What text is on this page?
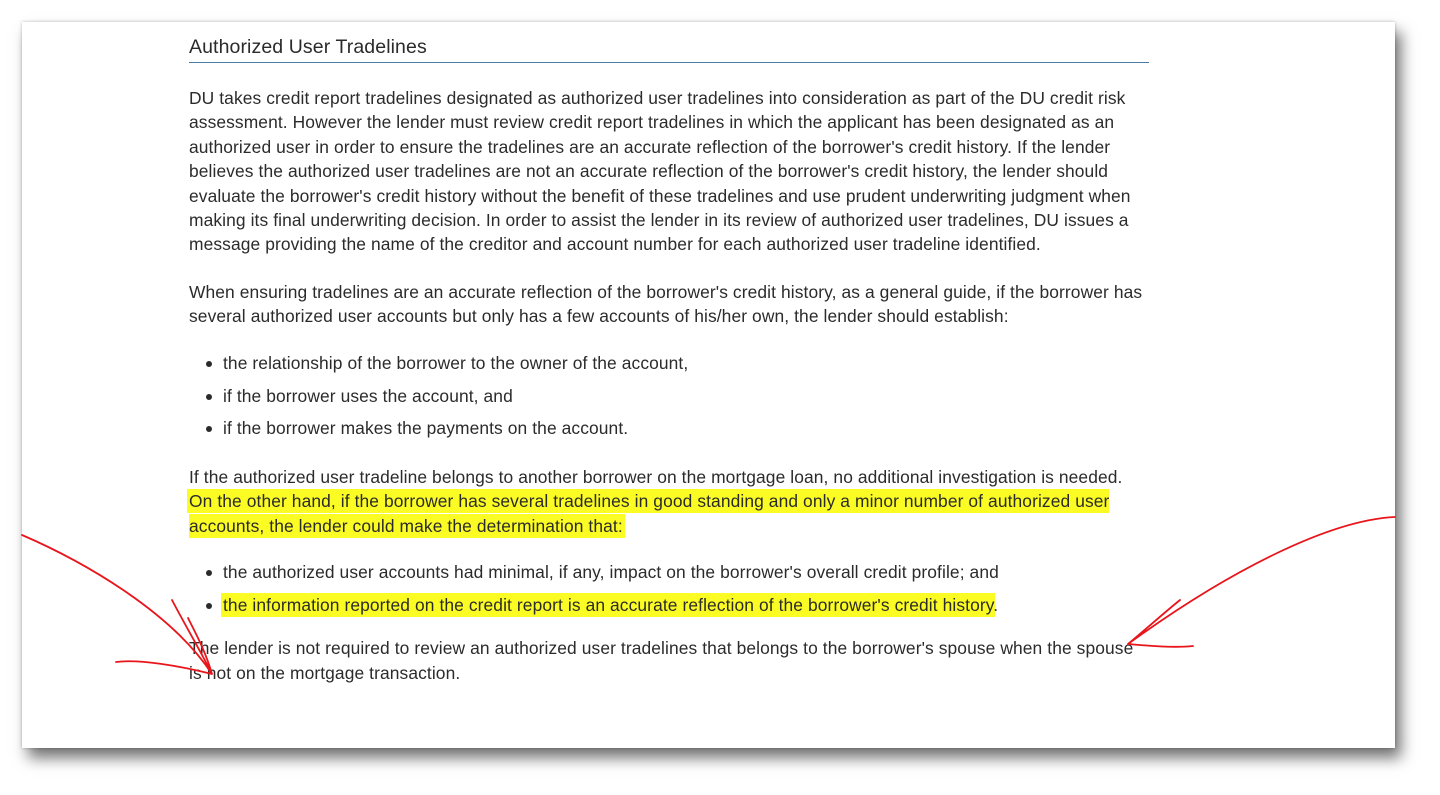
Authorized User Tradelines

DU takes credit report tradelines designated as authorized user tradelines into consideration as part of the DU credit risk assessment. However the lender must review credit report tradelines in which the applicant has been designated as an authorized user in order to ensure the tradelines are an accurate reflection of the borrower's credit history. If the lender believes the authorized user tradelines are not an accurate reflection of the borrower's credit history, the lender should evaluate the borrower's credit history without the benefit of these tradelines and use prudent underwriting judgment when making its final underwriting decision. In order to assist the lender in its review of authorized user tradelines, DU issues a message providing the name of the creditor and account number for each authorized user tradeline identified.

When ensuring tradelines are an accurate reflection of the borrower's credit history, as a general guide, if the borrower has several authorized user accounts but only has a few accounts of his/her own, the lender should establish:

the relationship of the borrower to the owner of the account,
if the borrower uses the account, and
if the borrower makes the payments on the account.

If the authorized user tradeline belongs to another borrower on the mortgage loan, no additional investigation is needed. On the other hand, if the borrower has several tradelines in good standing and only a minor number of authorized user accounts, the lender could make the determination that:

the authorized user accounts had minimal, if any, impact on the borrower's overall credit profile; and
the information reported on the credit report is an accurate reflection of the borrower's credit history.

The lender is not required to review an authorized user tradelines that belongs to the borrower's spouse when the spouse is not on the mortgage transaction.
